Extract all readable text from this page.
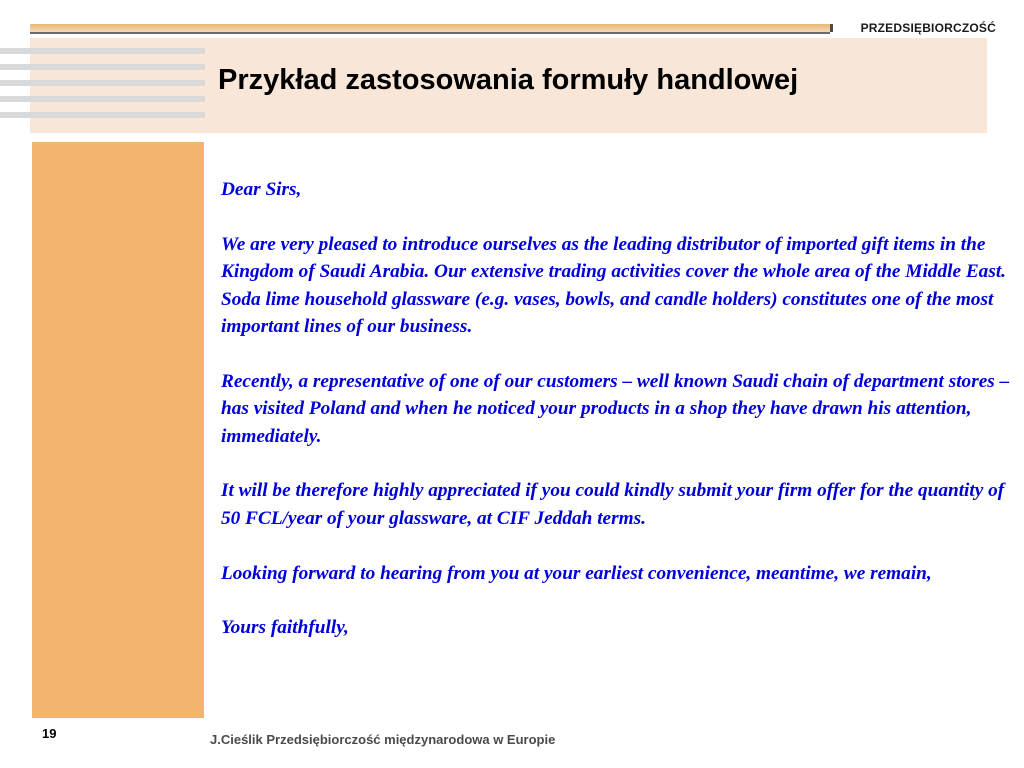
PRZEDSIĘBIORCZOŚĆ
Przykład zastosowania formuły handlowej

Dear Sirs,

We are very pleased to introduce ourselves as the leading distributor of imported gift items in the Kingdom of Saudi Arabia. Our extensive trading activities cover the whole area of the Middle East. Soda lime household glassware (e.g. vases, bowls, and candle holders) constitutes one of the most important lines of our business.

Recently, a representative of one of our customers – well known Saudi chain of department stores – has visited Poland and when he noticed your products in a shop they have drawn his attention, immediately.

It will be therefore highly appreciated if you could kindly submit your firm offer for the quantity of 50 FCL/year of your glassware, at CIF Jeddah terms.

Looking forward to hearing from you at your earliest convenience, meantime, we remain,

Yours faithfully,

19	J.Cieślik Przedsiębiorczość międzynarodowa w Europie
